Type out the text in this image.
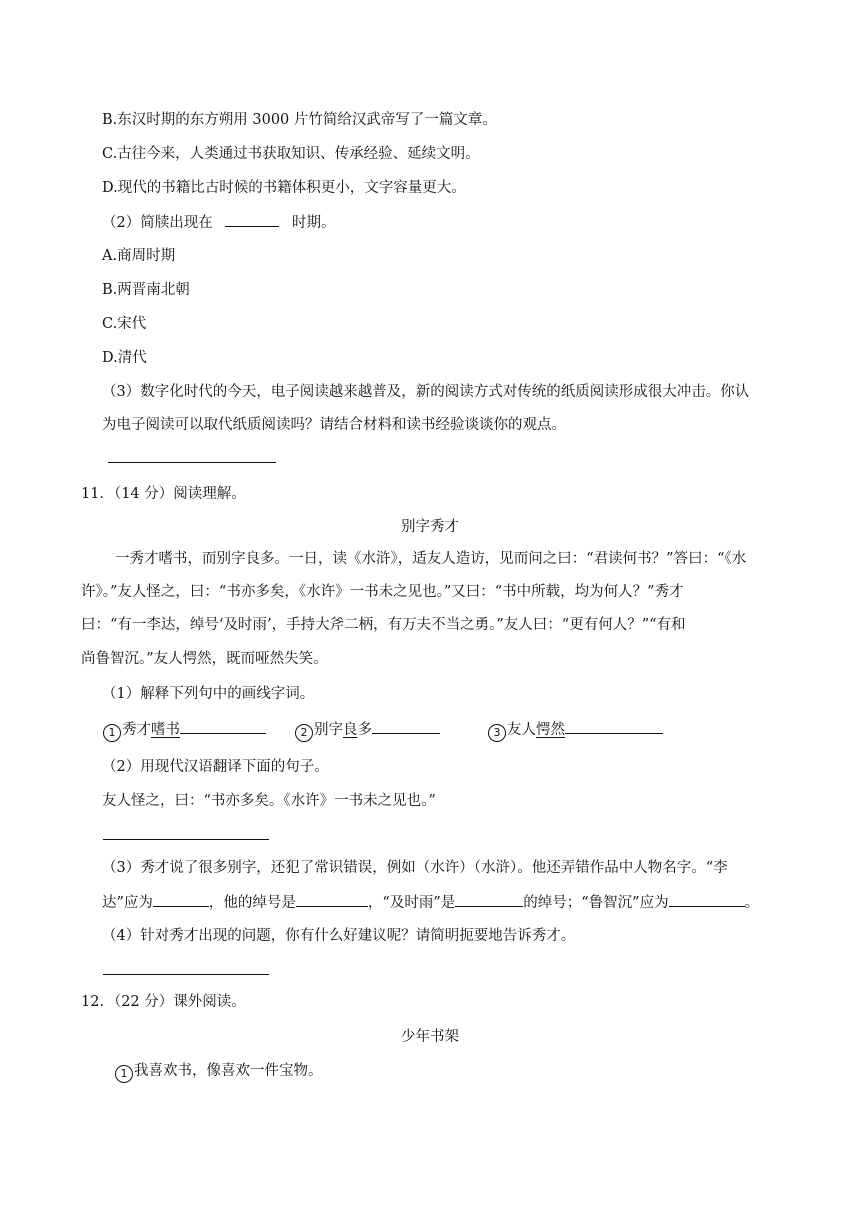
B.东汉时期的东方朔用 3000 片竹简给汉武帝写了一篇文章。
C.古往今来，人类通过书获取知识、传承经验、延续文明。
D.现代的书籍比古时候的书籍体积更小，文字容量更大。
（2）简牍出现在	时期。
A.商周时期
B.两晋南北朝
C.宋代
D.清代
（3）数字化时代的今天，电子阅读越来越普及，新的阅读方式对传统的纸质阅读形成很大冲击。你认
为电子阅读可以取代纸质阅读吗？请结合材料和读书经验谈谈你的观点。
11．（14 分）阅读理解。
别字秀才
一秀才嗜书，而别字良多。一日，读《水浒》，适友人造访，见而问之曰：“君读何书？”答曰：“《水
许》。”友人怪之，曰：“书亦多矣，《水许》一书未之见也。”又曰：“书中所载，均为何人？”秀才
曰：“有一李达，绰号‘及时雨’，手持大斧二柄，有万夫不当之勇。”友人曰：“更有何人？”“有和
尚鲁智沉。”友人愕然，既而哑然失笑。
（1）解释下列句中的画线字词。
1 秀才嗜书	2 别字良多	3 友人愕然
（2）用现代汉语翻译下面的句子。
友人怪之，曰：“书亦多矣。《水许》一书未之见也。”
（3）秀才说了很多别字，还犯了常识错误，例如（水许）（水浒）。他还弄错作品中人物名字。“李
达”应为	，他的绰号是	，“及时雨”是	的绰号；“鲁智沉”应为	。
（4）针对秀才出现的问题，你有什么好建议呢？请简明扼要地告诉秀才。
12．（22 分）课外阅读。
少年书架
1 我喜欢书，像喜欢一件宝物。
